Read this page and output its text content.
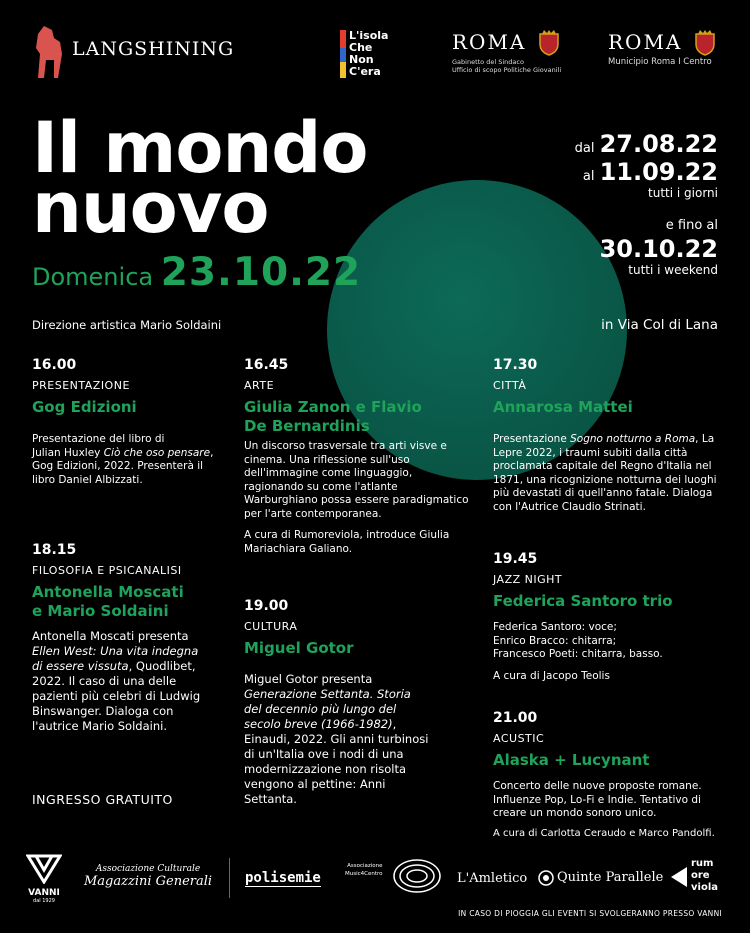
LANGSHINING
L'isola
Che
Non
C'era
ROMA
Gabinetto del Sindaco
Ufficio di scopo Politiche Giovanili
ROMA
Municipio Roma I Centro
Il mondo
nuovo
Domenica 23.10.22
Direzione artistica Mario Soldaini
dal 27.08.22
al 11.09.22
tutti i giorni
e fino al
30.10.22
tutti i weekend
in Via Col di Lana
16.00
PRESENTAZIONE
Gog Edizioni
Presentazione del libro di
Julian Huxley Ciò che oso pensare, Gog Edizioni, 2022. Presenterà il libro Daniel Albizzati.
16.45
ARTE
Giulia Zanon e Flavio De Bernardinis

Un discorso trasversale tra arti visve e cinema. Una riflessione sull'uso dell'immagine come linguaggio, ragionando su come l'atlante Warburghiano possa essere paradigmatico per l'arte contemporanea.

A cura di Rumoreviola, introduce Giulia Mariachiara Galiano.

17.30
CITTÀ
Annarosa Mattei
Presentazione Sogno notturno a Roma, La Lepre 2022, i traumi subiti dalla città proclamata capitale del Regno d'Italia nel 1871, una ricognizione notturna dei luoghi più devastati di quell'anno fatale. Dialoga con l'Autrice Claudio Strinati.
18.15
FILOSOFIA E PSICANALISI
Antonella Moscati e Mario Soldaini
Antonella Moscati presenta Ellen West: Una vita indegna di essere vissuta, Quodlibet, 2022. Il caso di una delle pazienti più celebri di Ludwig Binswanger. Dialoga con l'autrice Mario Soldaini.
19.00
CULTURA
Miguel Gotor
Miguel Gotor presenta Generazione Settanta. Storia del decennio più lungo del secolo breve (1966-1982), Einaudi, 2022. Gli anni turbinosi di un'Italia ove i nodi di una modernizzazione non risolta vengono al pettine: Anni Settanta.
19.45
JAZZ NIGHT
Federica Santoro trio
Federica Santoro: voce;
Enrico Bracco: chitarra;
Francesco Poeti: chitarra, basso.
A cura di Jacopo Teolis
21.00
ACUSTIC
Alaska + Lucynant

Concerto delle nuove proposte romane. Influenze Pop, Lo-Fi e Indie. Tentativo di creare un mondo sonoro unico.

A cura di Carlotta Ceraudo e Marco Pandolfi.

INGRESSO GRATUITO
VANNI
dal 1929
Associazione Culturale
Magazzini Generali polisemie
Associazione
Music4Centro	L'Amletico Quinte Parallele
rum
ore
viola
IN CASO DI PIOGGIA GLI EVENTI SI SVOLGERANNO PRESSO VANNI
